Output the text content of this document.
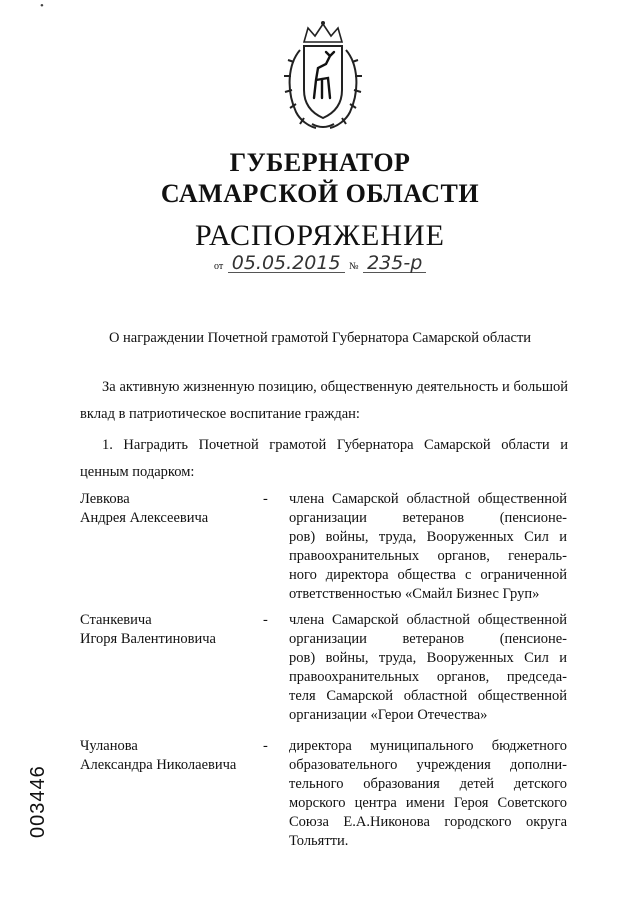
•
ГУБЕРНАТОР
САМАРСКОЙ ОБЛАСТИ
РАСПОРЯЖЕНИЕ
от 05.05.2015 № 235-р
О награждении Почетной грамотой Губернатора Самарской области
За активную жизненную позицию, общественную деятельность и большой вклад в патриотическое воспитание граждан:
1. Наградить Почетной грамотой Губернатора Самарской области и ценным подарком:
Левкова
Андрея Алексеевича
- члена Самарской областной общественной организации ветеранов (пенсионе-
ров) войны, труда, Вооруженных Сил и
правоохранительных органов, генераль-
ного директора общества с ограниченной
ответственностью «Смайл Бизнес Груп»
Станкевича
Игоря Валентиновича
- члена Самарской областной общественной организации ветеранов (пенсионе-
ров) войны, труда, Вооруженных Сил и
правоохранительных органов, председа-
теля Самарской областной общественной
организации «Герои Отечества»
Чуланова
Александра Николаевича
- директора муниципального бюджетного
образовательного учреждения дополни-
тельного образования детей детского
морского центра имени Героя Советского
Союза Е.А.Никонова городского округа
Тольятти.
003446
